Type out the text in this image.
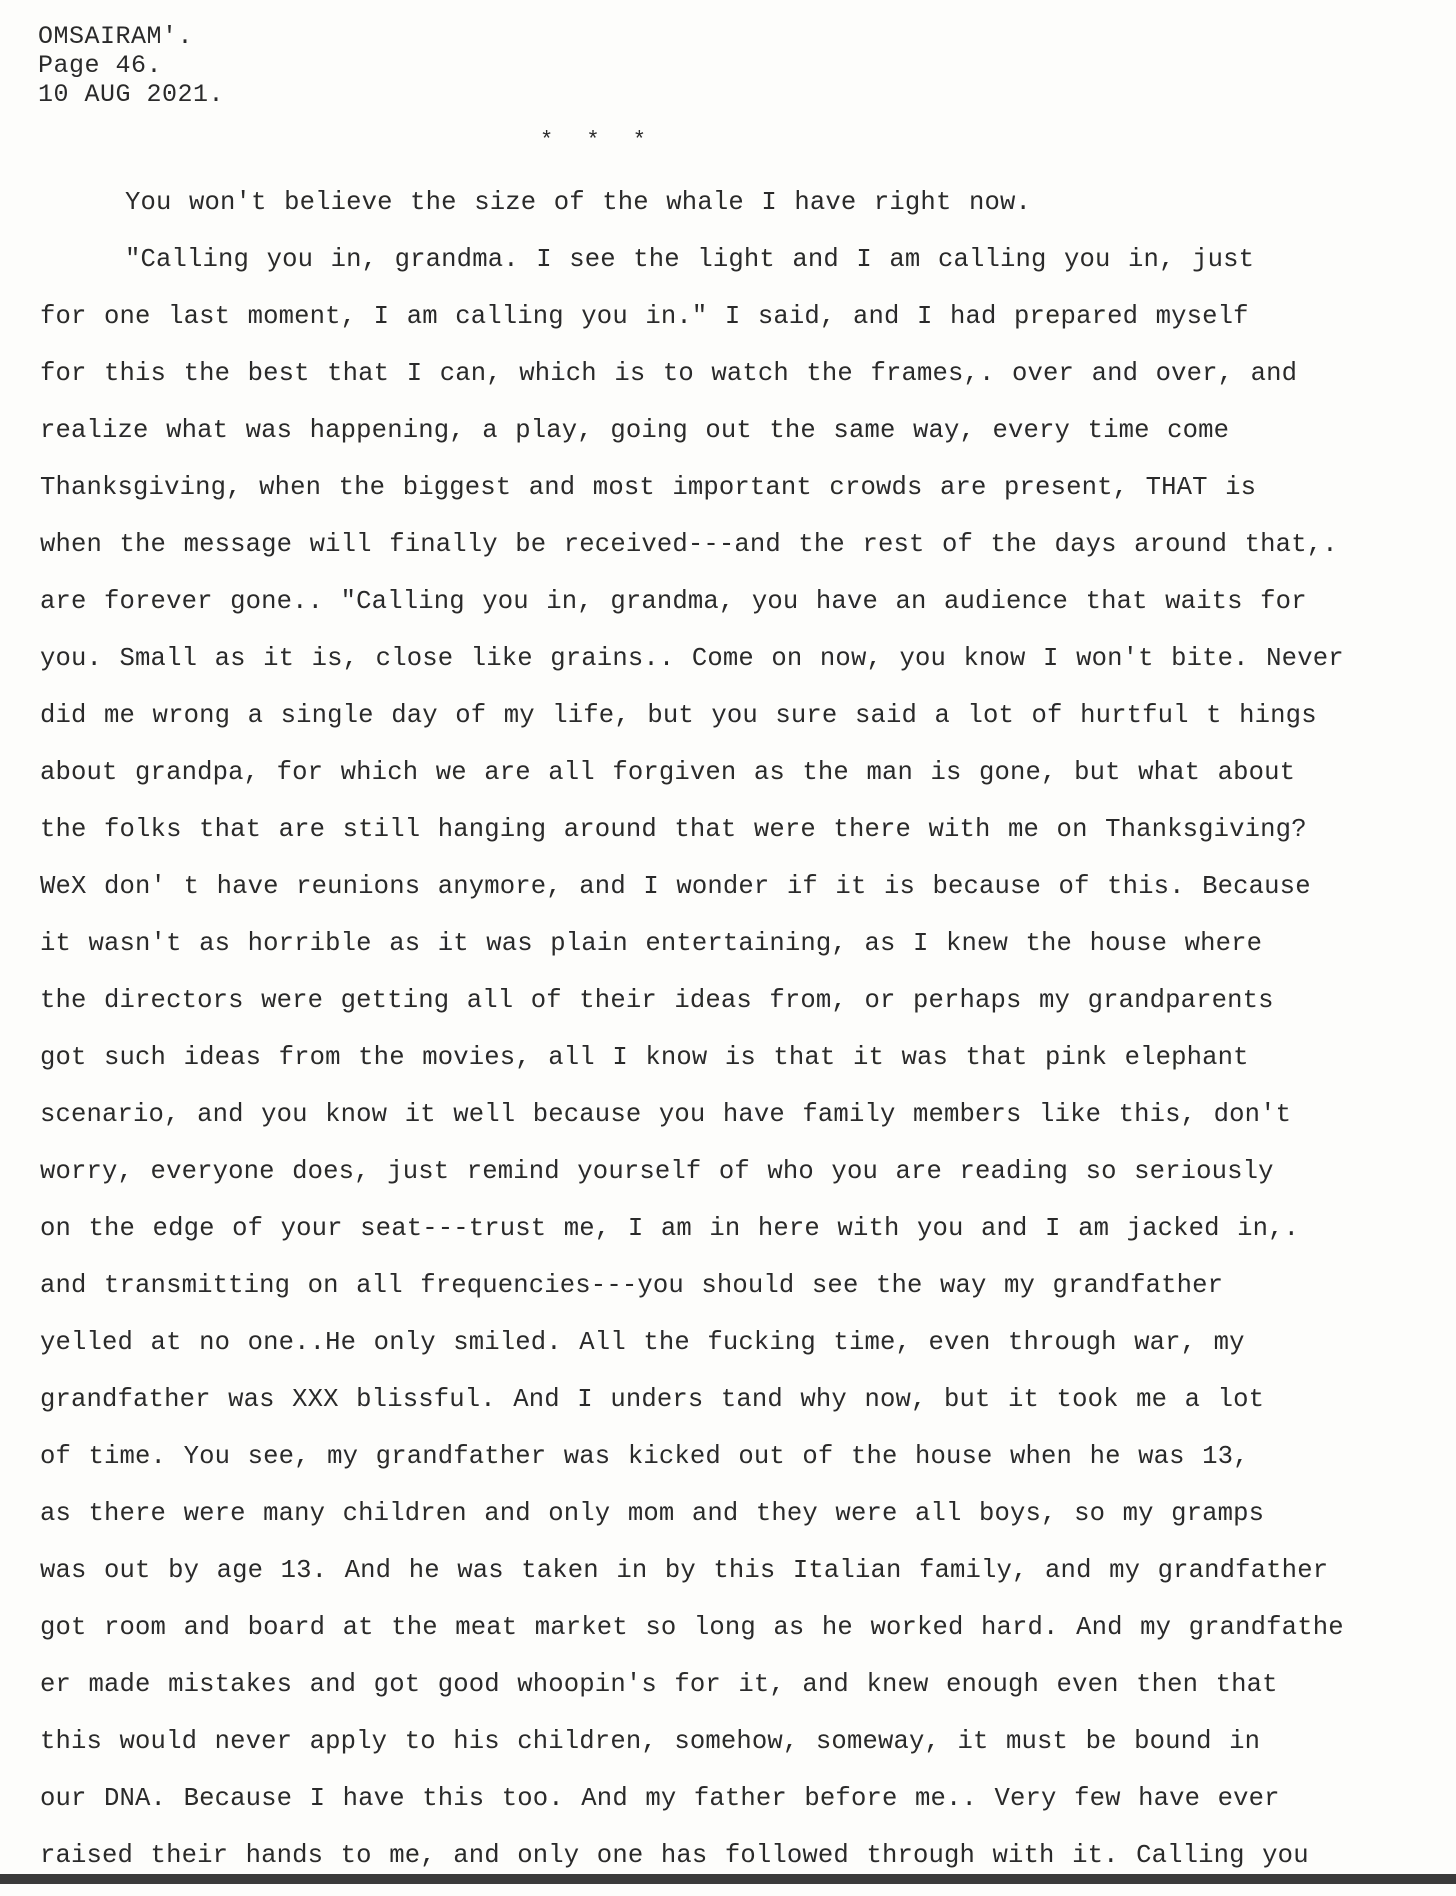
OMSAIRAM'.
Page 46.
10 AUG 2021.
* * *
You won't believe the size of the whale I have right now.
"Calling you in, grandma. I see the light and I am calling you in, just
for one last moment, I am calling you in." I said, and I had prepared myself
for this the best that I can, which is to watch the frames,. over and over, and
realize what was happening, a play, going out the same way, every time come
Thanksgiving, when the biggest and most important crowds are present, THAT is
when the message will finally be received---and the rest of the days around that,.
are forever gone.. "Calling you in, grandma, you have an audience that waits for
you. Small as it is, close like grains.. Come on now, you know I won't bite. Never
did me wrong a single day of my life, but you sure said a lot of hurtful t hings
about grandpa, for which we are all forgiven as the man is gone, but what about
the folks that are still hanging around that were there with me on Thanksgiving?
WeX don' t have reunions anymore, and I wonder if it is because of this. Because
it wasn't as horrible as it was plain entertaining, as I knew the house where
the directors were getting all of their ideas from, or perhaps my grandparents
got such ideas from the movies, all I know is that it was that pink elephant
scenario, and you know it well because you have family members like this, don't
worry, everyone does, just remind yourself of who you are reading so seriously
on the edge of your seat---trust me, I am in here with you and I am jacked in,.
and transmitting on all frequencies---you should see the way my grandfather
yelled at no one..He only smiled. All the fucking time, even through war, my
grandfather was XXX blissful. And I unders tand why now, but it took me a lot
of time. You see, my grandfather was kicked out of the house when he was 13,
as there were many children and only mom and they were all boys, so my gramps
was out by age 13. And he was taken in by this Italian family, and my grandfather
got room and board at the meat market so long as he worked hard. And my grandfathe
er made mistakes and got good whoopin's for it, and knew enough even then that
this would never apply to his children, somehow, someway, it must be bound in
our DNA. Because I have this too. And my father before me.. Very few have ever
raised their hands to me, and only one has followed through with it. Calling you
